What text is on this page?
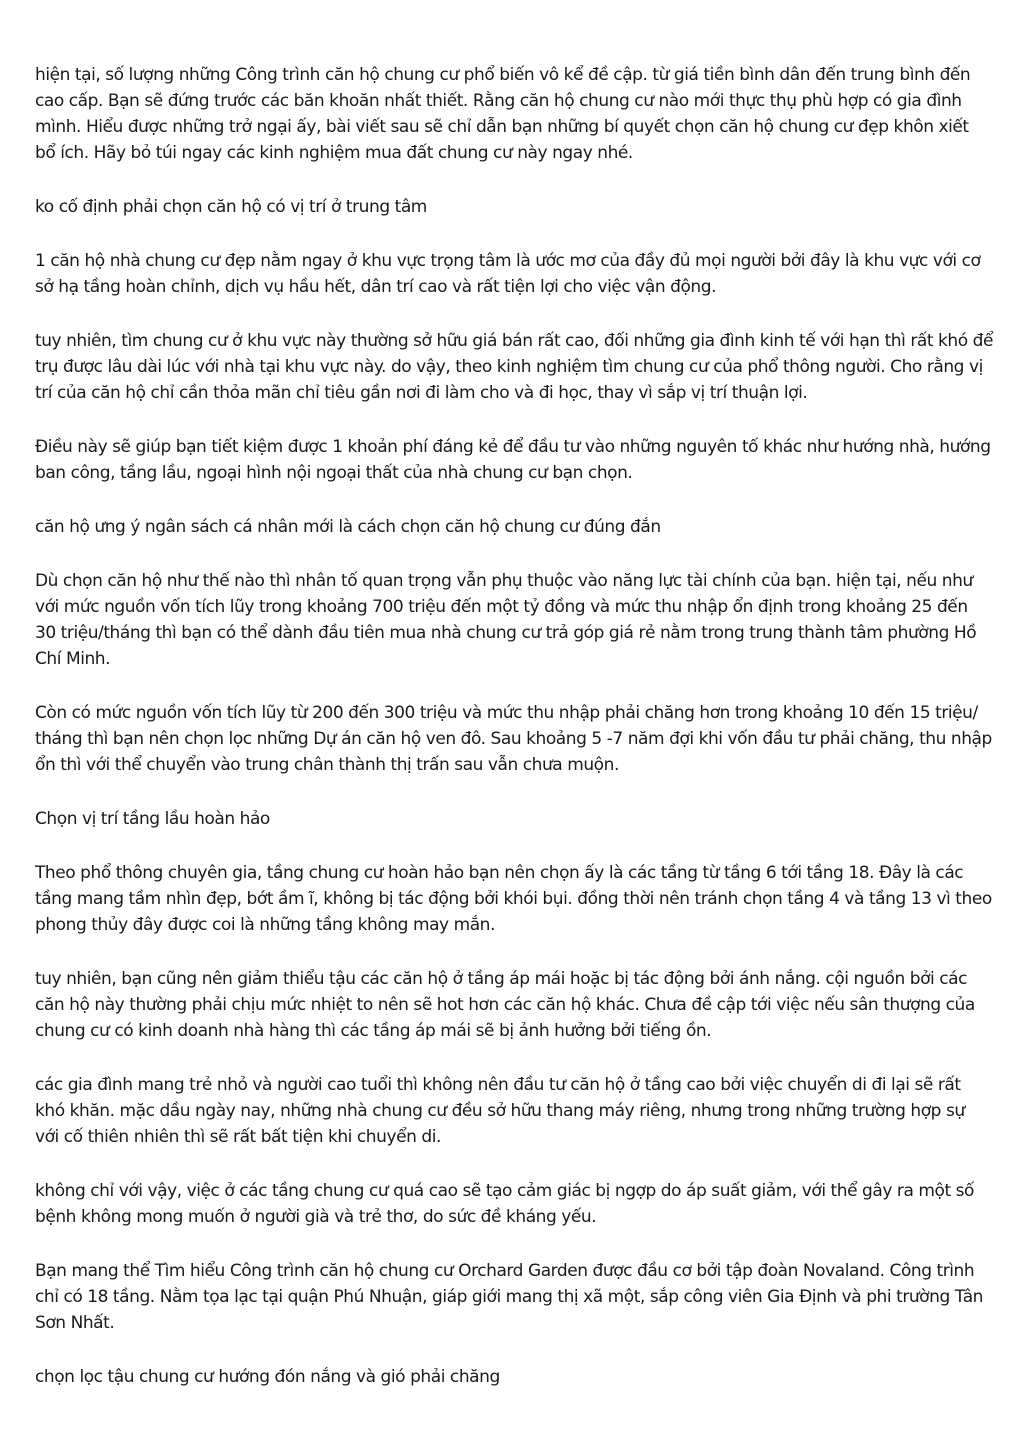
hiện tại, số lượng những Công trình căn hộ chung cư phổ biến vô kể đề cập. từ giá tiền bình dân đến trung bình đến cao cấp. Bạn sẽ đứng trước các băn khoăn nhất thiết. Rằng căn hộ chung cư nào mới thực thụ phù hợp có gia đình mình. Hiểu được những trở ngại ấy, bài viết sau sẽ chỉ dẫn bạn những bí quyết chọn căn hộ chung cư đẹp khôn xiết bổ ích. Hãy bỏ túi ngay các kinh nghiệm mua đất chung cư này ngay nhé.

ko cố định phải chọn căn hộ có vị trí ở trung tâm

1 căn hộ nhà chung cư đẹp nằm ngay ở khu vực trọng tâm là ước mơ của đầy đủ mọi người bởi đây là khu vực với cơ sở hạ tầng hoàn chỉnh, dịch vụ hầu hết, dân trí cao và rất tiện lợi cho việc vận động.

tuy nhiên, tìm chung cư ở khu vực này thường sở hữu giá bán rất cao, đối những gia đình kinh tế với hạn thì rất khó để trụ được lâu dài lúc với nhà tại khu vực này. do vậy, theo kinh nghiệm tìm chung cư của phổ thông người. Cho rằng vị trí của căn hộ chỉ cần thỏa mãn chỉ tiêu gần nơi đi làm cho và đi học, thay vì sắp vị trí thuận lợi.

Điều này sẽ giúp bạn tiết kiệm được 1 khoản phí đáng kẻ để đầu tư vào những nguyên tố khác như hướng nhà, hướng ban công, tầng lầu, ngoại hình nội ngoại thất của nhà chung cư bạn chọn.

căn hộ ưng ý ngân sách cá nhân mới là cách chọn căn hộ chung cư đúng đắn

Dù chọn căn hộ như thế nào thì nhân tố quan trọng vẫn phụ thuộc vào năng lực tài chính của bạn. hiện tại, nếu như với mức nguồn vốn tích lũy trong khoảng 700 triệu đến một tỷ đồng và mức thu nhập ổn định trong khoảng 25 đến 30 triệu/tháng thì bạn có thể dành đầu tiên mua nhà chung cư trả góp giá rẻ nằm trong trung thành tâm phường Hồ Chí Minh.

Còn có mức nguồn vốn tích lũy từ 200 đến 300 triệu và mức thu nhập phải chăng hơn trong khoảng 10 đến 15 triệu/ tháng thì bạn nên chọn lọc những Dự án căn hộ ven đô. Sau khoảng 5 -7 năm đợi khi vốn đầu tư phải chăng, thu nhập ổn thì với thể chuyển vào trung chân thành thị trấn sau vẫn chưa muộn.

Chọn vị trí tầng lầu hoàn hảo

Theo phổ thông chuyên gia, tầng chung cư hoàn hảo bạn nên chọn ấy là các tầng từ tầng 6 tới tầng 18. Đây là các tầng mang tầm nhìn đẹp, bớt ầm ĩ, không bị tác động bởi khói bụi. đồng thời nên tránh chọn tầng 4 và tầng 13 vì theo phong thủy đây được coi là những tầng không may mắn.

tuy nhiên, bạn cũng nên giảm thiểu tậu các căn hộ ở tầng áp mái hoặc bị tác động bởi ánh nắng. cội nguồn bởi các căn hộ này thường phải chịu mức nhiệt to nên sẽ hot hơn các căn hộ khác. Chưa đề cập tới việc nếu sân thượng của chung cư có kinh doanh nhà hàng thì các tầng áp mái sẽ bị ảnh hưởng bởi tiếng ồn.

các gia đình mang trẻ nhỏ và người cao tuổi thì không nên đầu tư căn hộ ở tầng cao bởi việc chuyển di đi lại sẽ rất khó khăn. mặc dầu ngày nay, những nhà chung cư đều sở hữu thang máy riêng, nhưng trong những trường hợp sự với cố thiên nhiên thì sẽ rất bất tiện khi chuyển di.

không chỉ với vậy, việc ở các tầng chung cư quá cao sẽ tạo cảm giác bị ngợp do áp suất giảm, với thể gây ra một số bệnh không mong muốn ở người già và trẻ thơ, do sức đề kháng yếu.

Bạn mang thể Tìm hiểu Công trình căn hộ chung cư Orchard Garden được đầu cơ bởi tập đoàn Novaland. Công trình chỉ có 18 tầng. Nằm tọa lạc tại quận Phú Nhuận, giáp giới mang thị xã một, sắp công viên Gia Định và phi trường Tân Sơn Nhất.

chọn lọc tậu chung cư hướng đón nắng và gió phải chăng
